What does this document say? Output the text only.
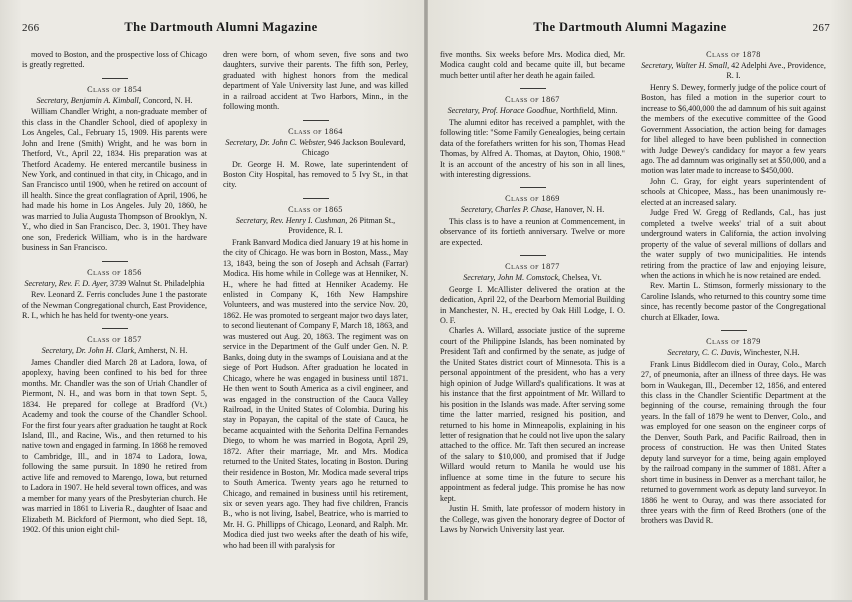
266	The Dartmouth Alumni Magazine

moved to Boston, and the prospective loss of Chicago is greatly regretted.

Class of 1854
Secretary, Benjamin A. Kimball, Concord, N. H.

William Chandler Wright, a non-graduate member of this class in the Chandler School, died of apoplexy in Los Angeles, Cal., February 15, 1909. His parents were John and Irene (Smith) Wright, and he was born in Thetford, Vt., April 22, 1834. His preparation was at Thetford Academy. He entered mercantile business in New York, and continued in that city, in Chicago, and in San Francisco until 1900, when he retired on account of ill health. Since the great conflagration of April, 1906, he had made his home in Los Angeles. July 20, 1860, he was married to Julia Augusta Thompson of Brooklyn, N. Y., who died in San Francisco, Dec. 3, 1901. They have one son, Frederick William, who is in the hardware business in San Francisco.

Class of 1856
Secretary, Rev. F. D. Ayer, 3739 Walnut St. Philadelphia

Rev. Leonard Z. Ferris concludes June 1 the pastorate of the Newman Congregational church, East Providence, R. I., which he has held for twenty-one years.

Class of 1857
Secretary, Dr. John H. Clark, Amherst, N. H.

James Chandler died March 28 at Ladora, Iowa, of apoplexy, having been confined to his bed for three months. Mr. Chandler was the son of Uriah Chandler of Piermont, N. H., and was born in that town Sept. 5, 1834. He prepared for college at Bradford (Vt.) Academy and took the course of the Chandler School. For the first four years after graduation he taught at Rock Island, Ill., and Racine, Wis., and then returned to his native town and engaged in farming. In 1868 he removed to Cambridge, Ill., and in 1874 to Ladora, Iowa, following the same pursuit. In 1890 he retired from active life and removed to Marengo, Iowa, but returned to Ladora in 1907. He held several town offices, and was a member for many years of the Presbyterian church. He was married in 1861 to Liveria R., daughter of Isaac and Elizabeth M. Bickford of Piermont, who died Sept. 18, 1902. Of this union eight chil-

dren were born, of whom seven, five sons and two daughters, survive their parents. The fifth son, Perley, graduated with highest honors from the medical department of Yale University last June, and was killed in a railroad accident at Two Harbors, Minn., in the following month.

Class of 1864
Secretary, Dr. John C. Webster, 946 Jackson Boulevard, Chicago

Dr. George H. M. Rowe, late superintendent of Boston City Hospital, has removed to 5 Ivy St., in that city.

Class of 1865
Secretary, Rev. Henry I. Cushman, 26 Pitman St., Providence, R. I.

Frank Banvard Modica died January 19 at his home in the city of Chicago. He was born in Boston, Mass., May 13, 1843, being the son of Joseph and Achsah (Farrar) Modica. His home while in College was at Henniker, N. H., where he had fitted at Henniker Academy. He enlisted in Company K, 16th New Hampshire Volunteers, and was mustered into the service Nov. 20, 1862. He was promoted to sergeant major two days later, to second lieutenant of Company F, March 18, 1863, and was mustered out Aug. 20, 1863. The regiment was on service in the Department of the Gulf under Gen. N. P. Banks, doing duty in the swamps of Louisiana and at the siege of Port Hudson. After graduation he located in Chicago, where he was engaged in business until 1871. He then went to South America as a civil engineer, and was engaged in the construction of the Cauca Valley Railroad, in the United States of Colombia. During his stay in Popayan, the capital of the state of Cauca, he became acquainted with the Señorita Delfina Fernandes Diego, to whom he was married in Bogota, April 29, 1872. After their marriage, Mr. and Mrs. Modica returned to the United States, locating in Boston. During their residence in Boston, Mr. Modica made several trips to South America. Twenty years ago he returned to Chicago, and remained in business until his retirement, six or seven years ago. They had five children, Francis B., who is not living, Isabel, Beatrice, who is married to Mr. H. G. Phillipps of Chicago, Leonard, and Ralph. Mr. Modica died just two weeks after the death of his wife, who had been ill with paralysis for

The Dartmouth Alumni Magazine	267

five months. Six weeks before Mrs. Modica died, Mr. Modica caught cold and became quite ill, but became much better until after her death he again failed.

Class of 1867
Secretary, Prof. Horace Goodhue, Northfield, Minn.

The alumni editor has received a pamphlet, with the following title: "Some Family Genealogies, being certain data of the forefathers written for his son, Thomas Head Thomas, by Alfred A. Thomas, at Dayton, Ohio, 1908." It is an account of the ancestry of his son in all lines, with interesting digressions.

Class of 1869
Secretary, Charles P. Chase, Hanover, N. H.

This class is to have a reunion at Commencement, in observance of its fortieth anniversary. Twelve or more are expected.

Class of 1877
Secretary, John M. Comstock, Chelsea, Vt.

George I. McAllister delivered the oration at the dedication, April 22, of the Dearborn Memorial Building in Manchester, N. H., erected by Oak Hill Lodge, I. O. O. F.

Charles A. Willard, associate justice of the supreme court of the Philippine Islands, has been nominated by President Taft and confirmed by the senate, as judge of the United States district court of Minnesota. This is a personal appointment of the president, who has a very high opinion of Judge Willard's qualifications. It was at his instance that the first appointment of Mr. Willard to his position in the Islands was made. After serving some time the latter married, resigned his position, and returned to his home in Minneapolis, explaining in his letter of resignation that he could not live upon the salary attached to the office. Mr. Taft then secured an increase of the salary to $10,000, and promised that if Judge Willard would return to Manila he would use his influence at some time in the future to secure his appointment as federal judge. This promise he has now kept.

Justin H. Smith, late professor of modern history in the College, was given the honorary degree of Doctor of Laws by Norwich University last year.

Class of 1878
Secretary, Walter H. Small, 42 Adelphi Ave., Providence, R. I.

Henry S. Dewey, formerly judge of the police court of Boston, has filed a motion in the superior court to increase to $6,400,000 the ad damnum of his suit against the members of the executive committee of the Good Government Association, the action being for damages for libel alleged to have been published in connection with Judge Dewey's candidacy for mayor a few years ago. The ad damnum was originally set at $50,000, and a motion was later made to increase to $450,000.

John C. Gray, for eight years superintendent of schools at Chicopee, Mass., has been unanimously re-elected at an increased salary.

Judge Fred W. Gregg of Redlands, Cal., has just completed a twelve weeks' trial of a suit about underground waters in California, the action involving property of the value of several millions of dollars and the water supply of two municipalities. He intends retiring from the practice of law and enjoying leisure, when the actions in which he is now retained are ended.

Rev. Martin L. Stimson, formerly missionary to the Caroline Islands, who returned to this country some time since, has recently become pastor of the Congregational church at Elkader, Iowa.

Class of 1879
Secretary, C. C. Davis, Winchester, N.H.

Frank Linus Biddlecom died in Ouray, Colo., March 27, of pneumonia, after an illness of three days. He was born in Waukegan, Ill., December 12, 1856, and entered this class in the Chandler Scientific Department at the beginning of the course, remaining through the four years. In the fall of 1879 he went to Denver, Colo., and was employed for one season on the engineer corps of the Denver, South Park, and Pacific Railroad, then in process of construction. He was then United States deputy land surveyor for a time, being again employed by the railroad company in the summer of 1881. After a short time in business in Denver as a merchant tailor, he returned to government work as deputy land surveyor. In 1886 he went to Ouray, and was there associated for three years with the firm of Reed Brothers (one of the brothers was David R.
